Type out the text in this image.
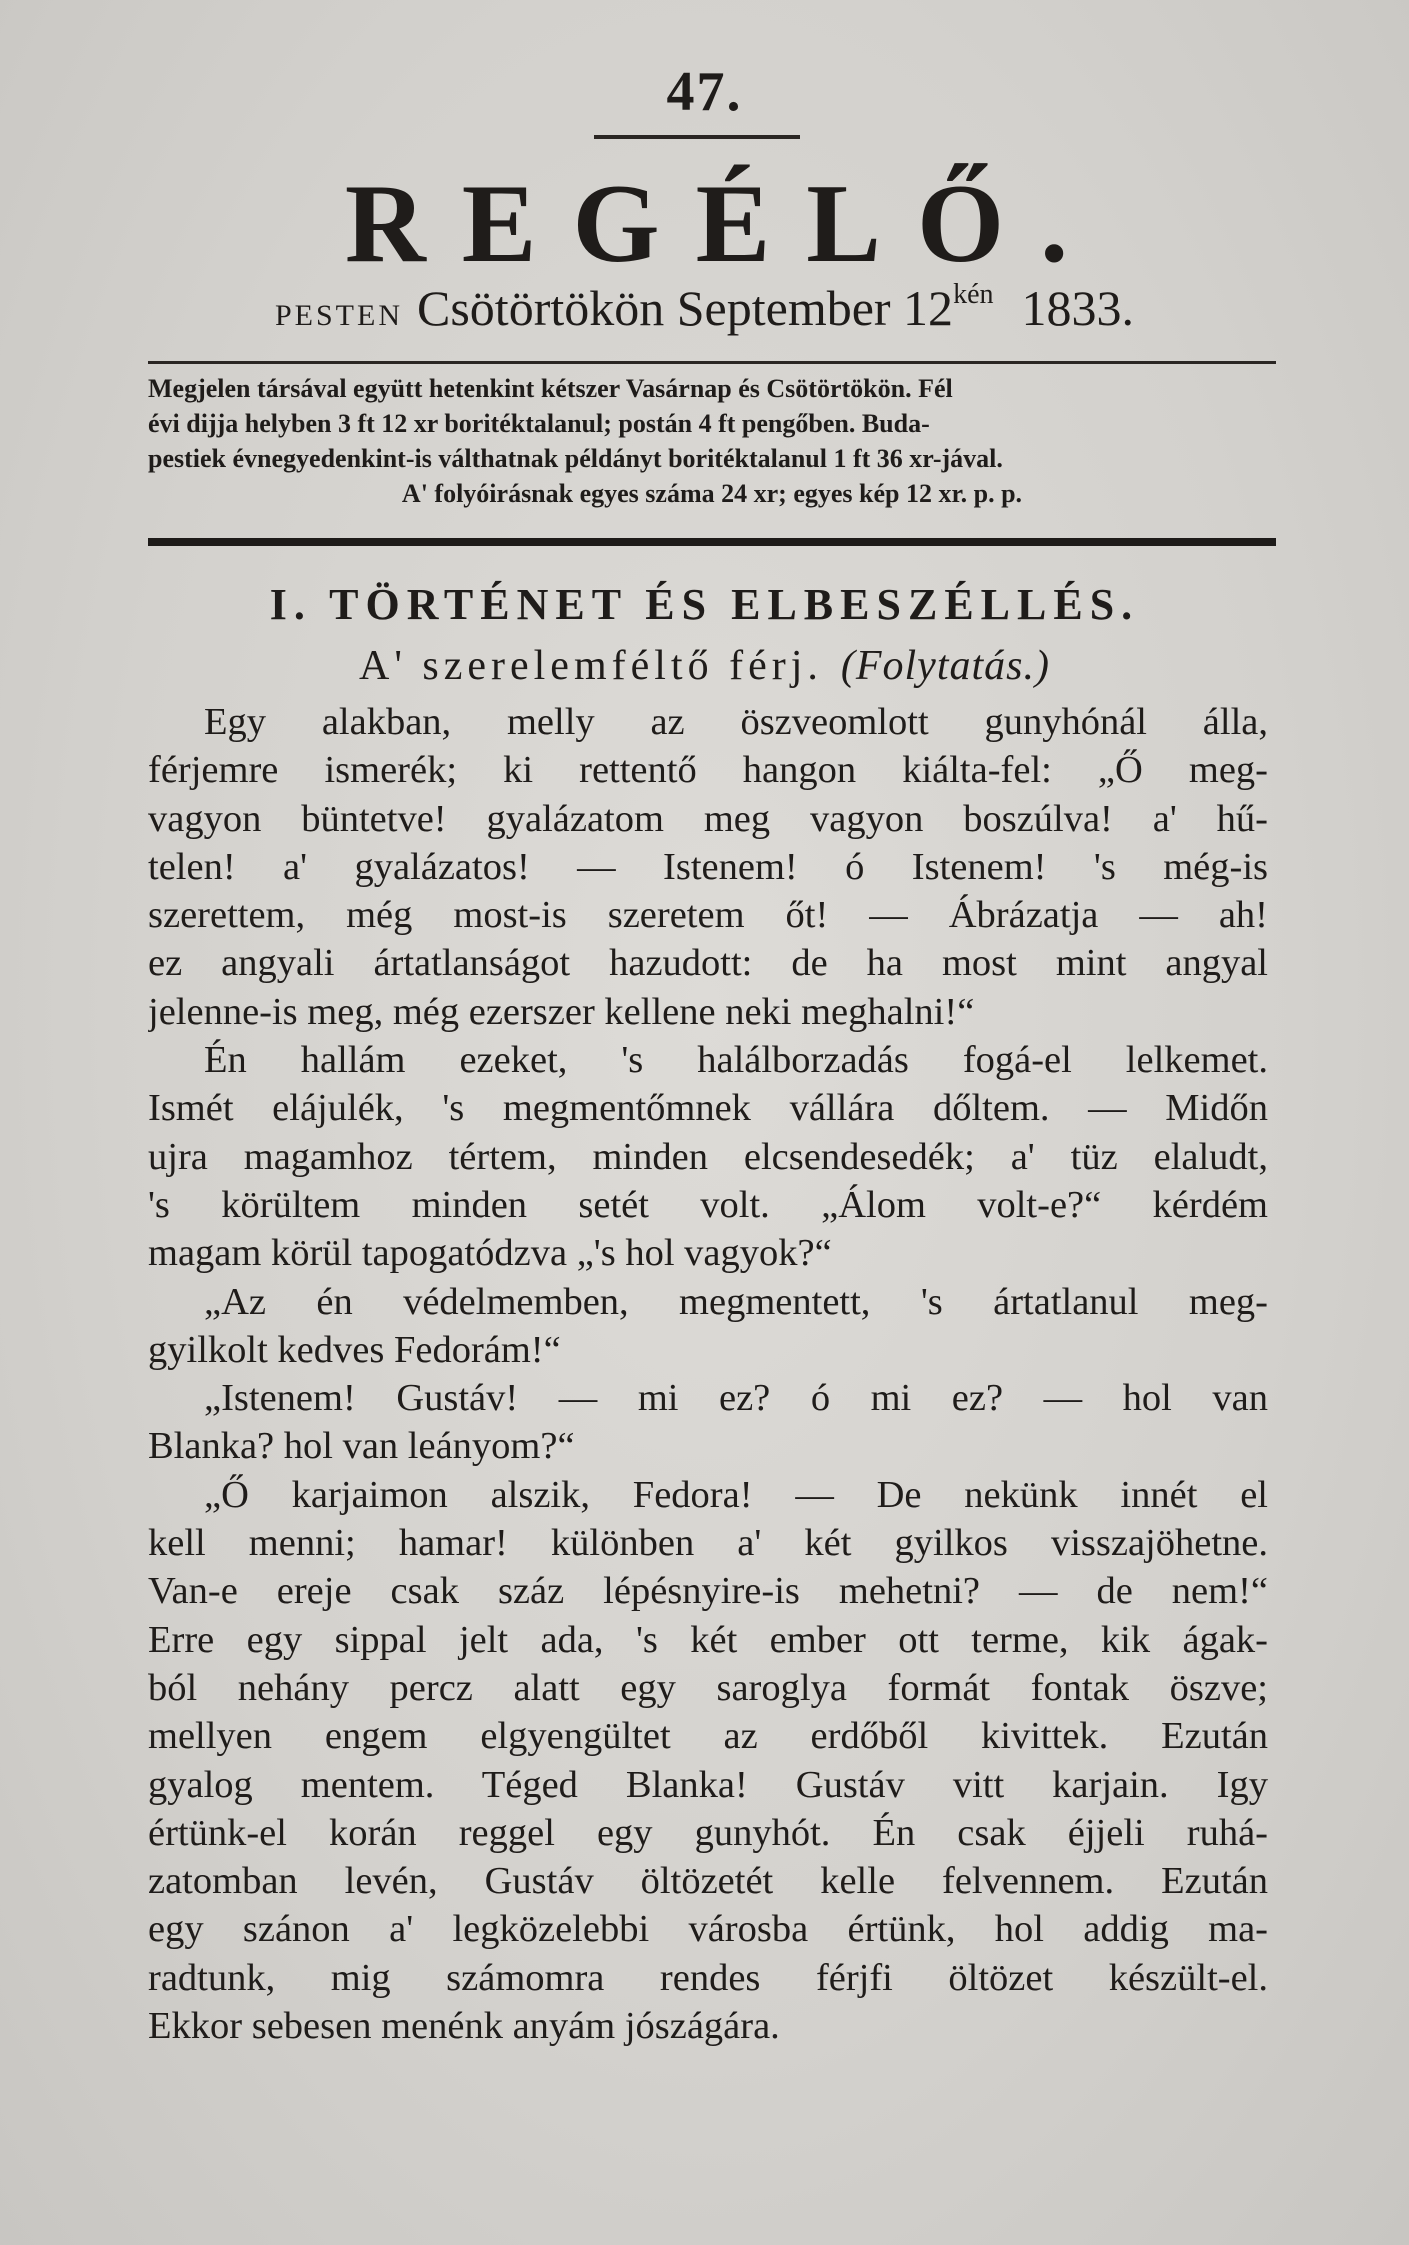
47.
REGÉLŐ.
PESTEN Csötörtökön September 12kén 1833.

Megjelen társával együtt hetenkint kétszer Vasárnap és Csötörtökön. Fél

évi dijja helyben 3 ft 12 xr boritéktalanul; postán 4 ft pengőben. Buda-

pestiek évnegyedenkint-is válthatnak példányt boritéktalanul 1 ft 36 xr-jával.

A' folyóirásnak egyes száma 24 xr; egyes kép 12 xr. p. p.

I. TÖRTÉNET ÉS ELBESZÉLLÉS.
A' szerelemféltő férj. (Folytatás.)
Egy alakban, melly az öszveomlott gunyhónál álla,
férjemre ismerék; ki rettentő hangon kiálta-fel: „Ő meg-
vagyon büntetve! gyalázatom meg vagyon boszúlva! a' hű-
telen! a' gyalázatos! — Istenem! ó Istenem! 's még-is
szerettem, még most-is szeretem őt! — Ábrázatja — ah!
ez angyali ártatlanságot hazudott: de ha most mint angyal
jelenne-is meg, még ezerszer kellene neki meghalni!“
Én hallám ezeket, 's halálborzadás fogá-el lelkemet.
Ismét elájulék, 's megmentőmnek vállára dőltem. — Midőn
ujra magamhoz tértem, minden elcsendesedék; a' tüz elaludt,
's körültem minden setét volt. „Álom volt-e?“ kérdém
magam körül tapogatódzva „'s hol vagyok?“
„Az én védelmemben, megmentett, 's ártatlanul meg-
gyilkolt kedves Fedorám!“
„Istenem! Gustáv! — mi ez? ó mi ez? — hol van
Blanka? hol van leányom?“
„Ő karjaimon alszik, Fedora! — De nekünk innét el
kell menni; hamar! különben a' két gyilkos visszajöhetne.
Van-e ereje csak száz lépésnyire-is mehetni? — de nem!“
Erre egy sippal jelt ada, 's két ember ott terme, kik ágak-
ból nehány percz alatt egy saroglya formát fontak öszve;
mellyen engem elgyengültet az erdőből kivittek. Ezután
gyalog mentem. Téged Blanka! Gustáv vitt karjain. Igy
értünk-el korán reggel egy gunyhót. Én csak éjjeli ruhá-
zatomban levén, Gustáv öltözetét kelle felvennem. Ezután
egy szánon a' legközelebbi városba értünk, hol addig ma-
radtunk, mig számomra rendes férjfi öltözet készült-el.
Ekkor sebesen menénk anyám jószágára.
